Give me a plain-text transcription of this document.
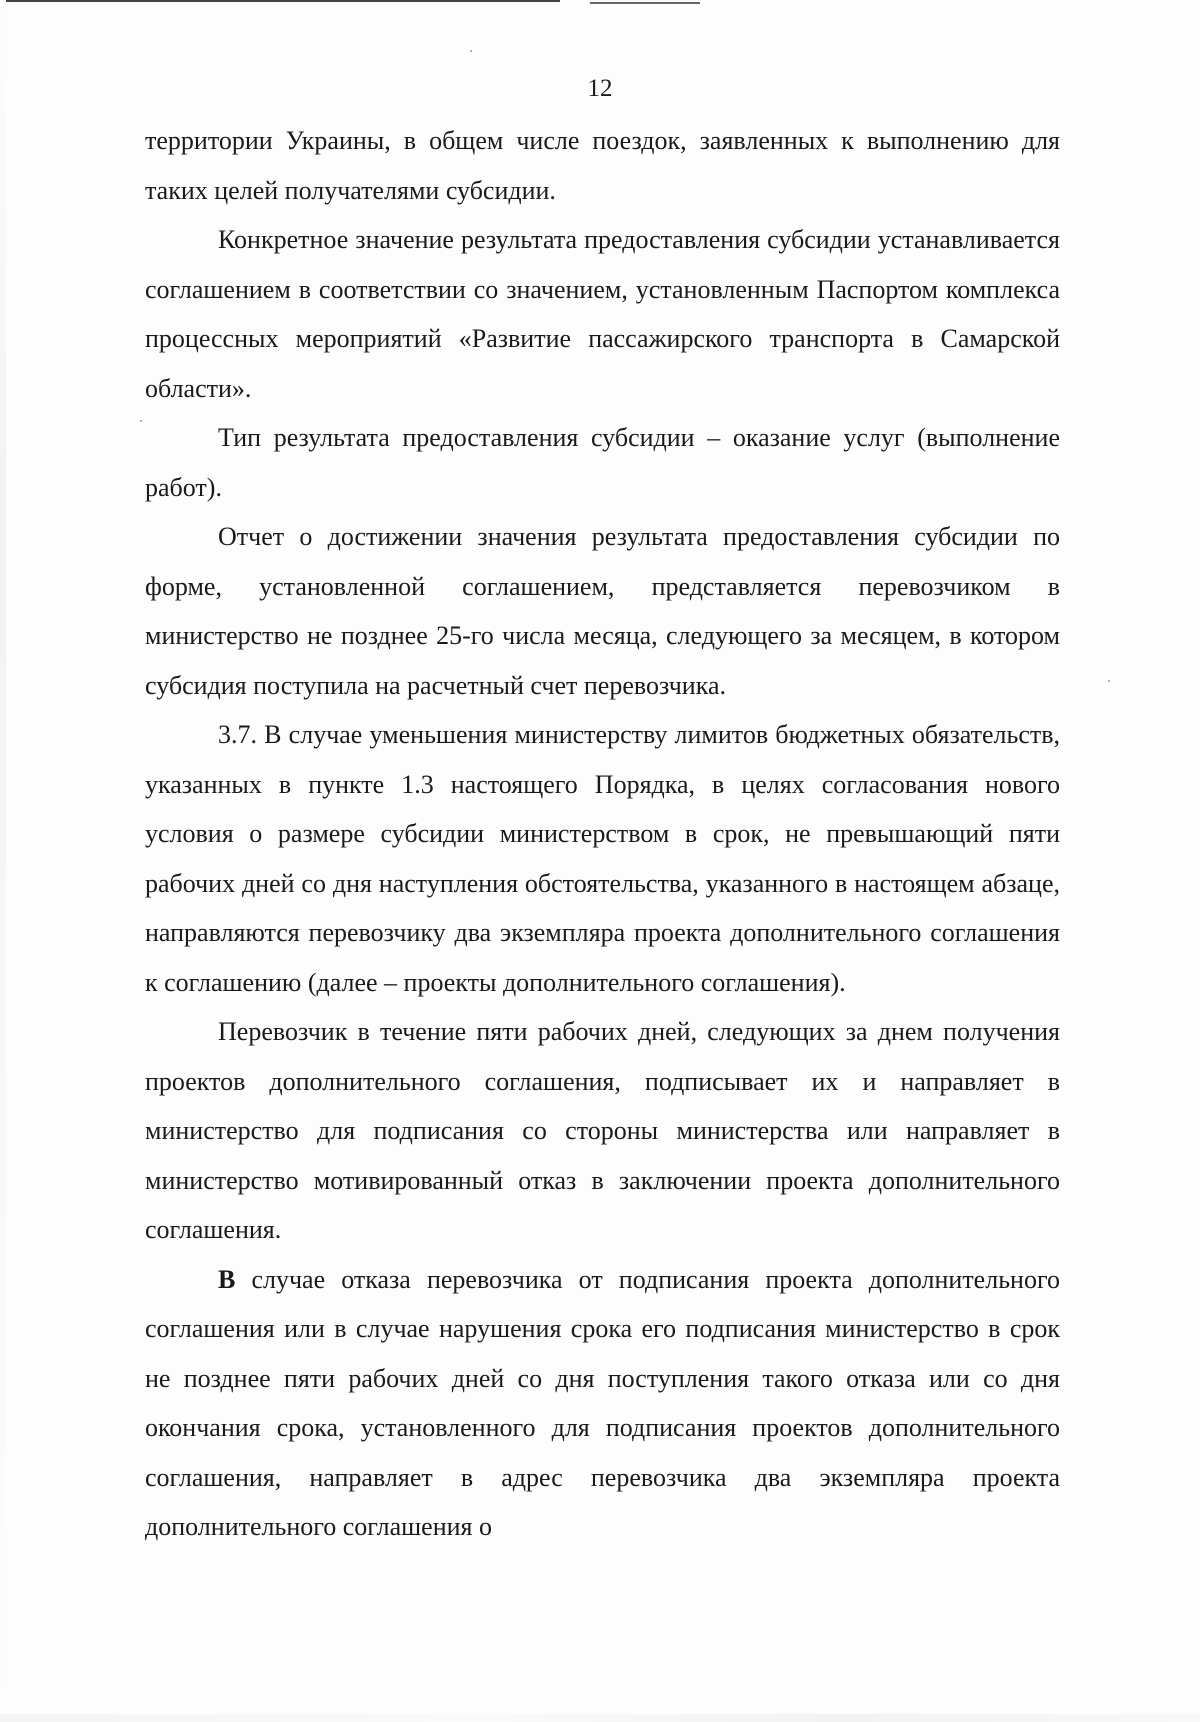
12

территории Украины, в общем числе поездок, заявленных к выполнению для таких целей получателями субсидии.

Конкретное значение результата предоставления субсидии устанавливается соглашением в соответствии со значением, установленным Паспортом комплекса процессных мероприятий «Развитие пассажирского транспорта в Самарской области».

Тип результата предоставления субсидии – оказание услуг (выполнение работ).

Отчет о достижении значения результата предоставления субсидии по форме, установленной соглашением, представляется перевозчиком в министерство не позднее 25-го числа месяца, следующего за месяцем, в котором субсидия поступила на расчетный счет перевозчика.

3.7. В случае уменьшения министерству лимитов бюджетных обязательств, указанных в пункте 1.3 настоящего Порядка, в целях согласования нового условия о размере субсидии министерством в срок, не превышающий пяти рабочих дней со дня наступления обстоятельства, указанного в настоящем абзаце, направляются перевозчику два экземпляра проекта дополнительного соглашения к соглашению (далее – проекты дополнительного соглашения).

Перевозчик в течение пяти рабочих дней, следующих за днем получения проектов дополнительного соглашения, подписывает их и направляет в министерство для подписания со стороны министерства или направляет в министерство мотивированный отказ в заключении проекта дополнительного соглашения.

В случае отказа перевозчика от подписания проекта дополнительного соглашения или в случае нарушения срока его подписания министерство в срок не позднее пяти рабочих дней со дня поступления такого отказа или со дня окончания срока, установленного для подписания проектов дополнительного соглашения, направляет в адрес перевозчика два экземпляра проекта дополнительного соглашения о
